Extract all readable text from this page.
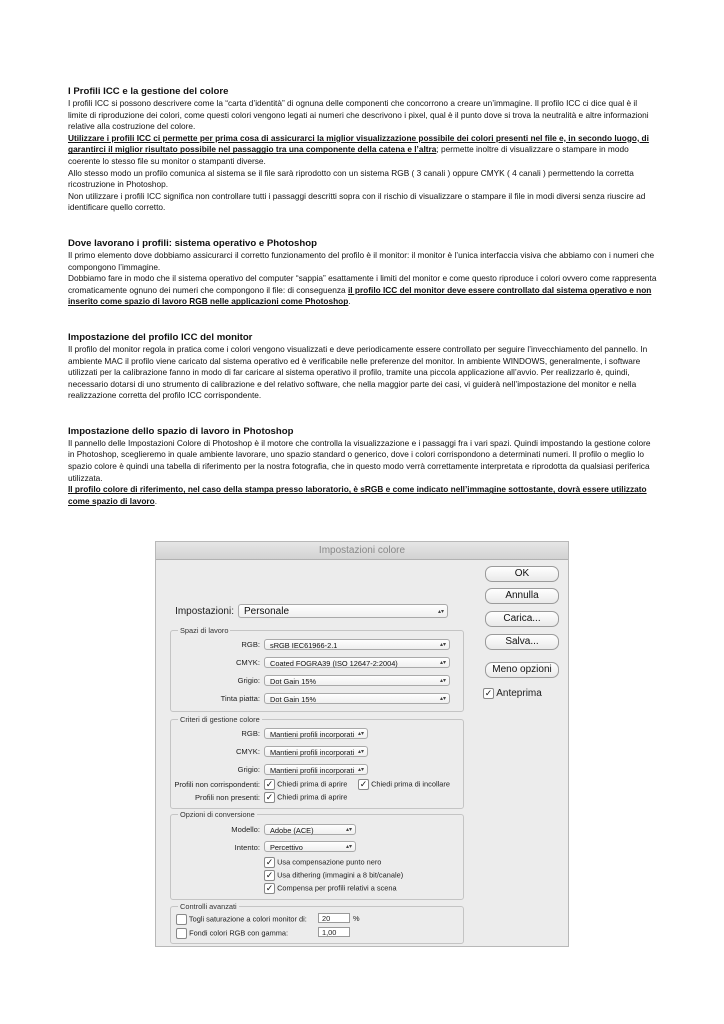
I Profili ICC e la gestione del colore

I profili ICC si possono descrivere come la “carta d’identità” di ognuna delle componenti che concorrono a creare un’immagine. Il profilo ICC ci dice qual è il limite di riproduzione dei colori, come questi colori vengono legati ai numeri che descrivono i pixel, qual è il punto dove si trova la neutralità e altre informazioni relative alla costruzione del colore.

Utilizzare i profili ICC ci permette per prima cosa di assicurarci la miglior visualizzazione possibile dei colori presenti nel file e, in secondo luogo, di garantirci il miglior risultato possibile nel passaggio tra una componente della catena e l’altra; permette inoltre di visualizzare o stampare in modo coerente lo stesso file su monitor o stampanti diverse.

Allo stesso modo un profilo comunica al sistema se il file sarà riprodotto con un sistema RGB ( 3 canali ) oppure CMYK ( 4 canali ) permettendo la corretta ricostruzione in Photoshop.

Non utilizzare i profili ICC significa non controllare tutti i passaggi descritti sopra con il rischio di visualizzare o stampare il file in modi diversi senza riuscire ad identificare quello corretto.

Dove lavorano i profili: sistema operativo e Photoshop

Il primo elemento dove dobbiamo assicurarci il corretto funzionamento del profilo è il monitor: il monitor è l’unica interfaccia visiva che abbiamo con i numeri che compongono l’immagine.

Dobbiamo fare in modo che il sistema operativo del computer “sappia” esattamente i limiti del monitor e come questo riproduce i colori ovvero come rappresenta cromaticamente ognuno dei numeri che compongono il file: di conseguenza il profilo ICC del monitor deve essere controllato dal sistema operativo e non inserito come spazio di lavoro RGB nelle applicazioni come Photoshop.

Impostazione del profilo ICC del monitor

Il profilo del monitor regola in pratica come i colori vengono visualizzati e deve periodicamente essere controllato per seguire l’invecchiamento del pannello. In ambiente MAC il profilo viene caricato dal sistema operativo ed è verificabile nelle preferenze del monitor. In ambiente WINDOWS, generalmente, i software utilizzati per la calibrazione fanno in modo di far caricare al sistema operativo il profilo, tramite una piccola applicazione all’avvio. Per realizzarlo è, quindi, necessario dotarsi di uno strumento di calibrazione e del relativo software, che nella maggior parte dei casi, vi guiderà nell’impostazione del monitor e nella realizzazione corretta del profilo ICC corrispondente.

Impostazione dello spazio di lavoro in Photoshop

Il pannello delle Impostazioni Colore di Photoshop è il motore che controlla la visualizzazione e i passaggi fra i vari spazi. Quindi impostando la gestione colore in Photoshop, sceglieremo in quale ambiente lavorare, uno spazio standard o generico, dove i colori corrispondono a determinati numeri. Il profilo o meglio lo spazio colore è quindi una tabella di riferimento per la nostra fotografia, che in questo modo verrà correttamente interpretata e riprodotta da qualsiasi periferica utilizzata.

Il profilo colore di riferimento, nel caso della stampa presso laboratorio, è sRGB e come indicato nell’immagine sottostante, dovrà essere utilizzato come spazio di lavoro.

Impostazioni colore
OK
Annulla
Carica...
Salva...
Meno opzioni
✓ Anteprima
Impostazioni:	Personale	▴▾
Spazi di lavoro
RGB:	sRGB IEC61966-2.1	▴▾
CMYK:	Coated FOGRA39 (ISO 12647-2:2004)	▴▾
Grigio:	Dot Gain 15%	▴▾
Tinta piatta:	Dot Gain 15%	▴▾
Criteri di gestione colore
RGB:	Mantieni profili incorporati ▴▾
CMYK:	Mantieni profili incorporati ▴▾
Grigio:	Mantieni profili incorporati ▴▾
Profili non corrispondenti: ✓ Chiedi prima di aprire ✓ Chiedi prima di incollare
Profili non presenti: ✓ Chiedi prima di aprire
Opzioni di conversione
Modello:	Adobe (ACE)	▴▾
Intento:	Percettivo	▴▾
✓ Usa compensazione punto nero
✓ Usa dithering (immagini a 8 bit/canale)
✓ Compensa per profili relativi a scena
Controlli avanzati
Togli saturazione a colori monitor di:	20	%
Fondi colori RGB con gamma:	1,00
